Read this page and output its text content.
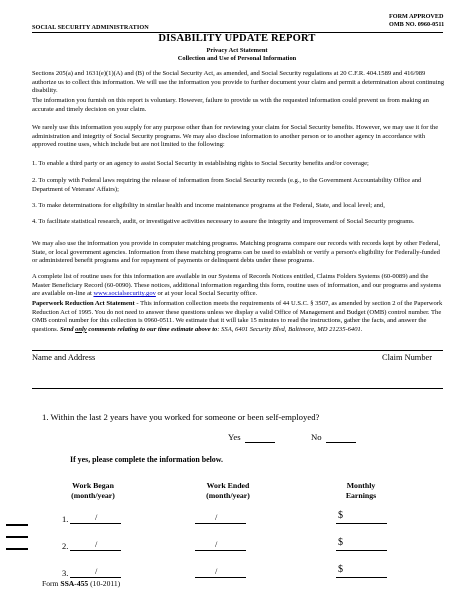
SOCIAL SECURITY ADMINISTRATION
FORM APPROVED
OMB NO. 0960-0511
DISABILITY UPDATE REPORT
Privacy Act Statement
Collection and Use of Personal Information
Sections 205(a) and 1631(e)(1)(A) and (B) of the Social Security Act, as amended, and Social Security regulations at 20 C.F.R. 404.1589 and 416/989 authorize us to collect this information. We will use the information you provide to further document your claim and permit a determination about continuing disability.
The information you furnish on this report is voluntary. However, failure to provide us with the requested information could prevent us from making an accurate and timely decision on your claim.
We rarely use this information you supply for any purpose other than for reviewing your claim for Social Security benefits. However, we may use it for the administration and integrity of Social Security programs. We may also disclose information to another person or to another agency in accordance with approved routine uses, which include but are not limited to the following:
1. To enable a third party or an agency to assist Social Security in establishing rights to Social Security benefits and/or coverage;
2. To comply with Federal laws requiring the release of information from Social Security records (e.g., to the Government Accountability Office and Department of Veterans' Affairs);
3. To make determinations for eligibility in similar health and income maintenance programs at the Federal, State, and local level; and,
4. To facilitate statistical research, audit, or investigative activities necessary to assure the integrity and improvement of Social Security programs.
We may also use the information you provide in computer matching programs. Matching programs compare our records with records kept by other Federal, State, or local government agencies. Information from these matching programs can be used to establish or verify a person's eligibility for Federally-funded or administered benefit programs and for repayment of payments or delinquent debts under these programs.
A complete list of routine uses for this information are available in our Systems of Records Notices entitled, Claims Folders Systems (60-0089) and the Master Beneficiary Record (60-0090). These notices, additional information regarding this form, routine uses of information, and our programs and systems are available on-line at www.socialsecurity.gov or at your local Social Security office.
Paperwork Reduction Act Statement - This information collection meets the requirements of 44 U.S.C. § 3507, as amended by section 2 of the Paperwork Reduction Act of 1995. You do not need to answer these questions unless we display a valid Office of Management and Budget (OMB) control number. The OMB control number for this collection is 0960-0511. We estimate that it will take 15 minutes to read the instructions, gather the facts, and answer the questions. Send only comments relating to our time estimate above to: SSA, 6401 Security Blvd, Baltimore, MD 21235-6401.
Name and Address	Claim Number
1. Within the last 2 years have you worked for someone or been self-employed?
Yes	No
If yes, please complete the information below.
Work Began
(month/year)
Work Ended
(month/year)
Monthly
Earnings
1.	/	/	$
2.	/	/	$
3.	/	/	$
Form SSA-455 (10-2011)
